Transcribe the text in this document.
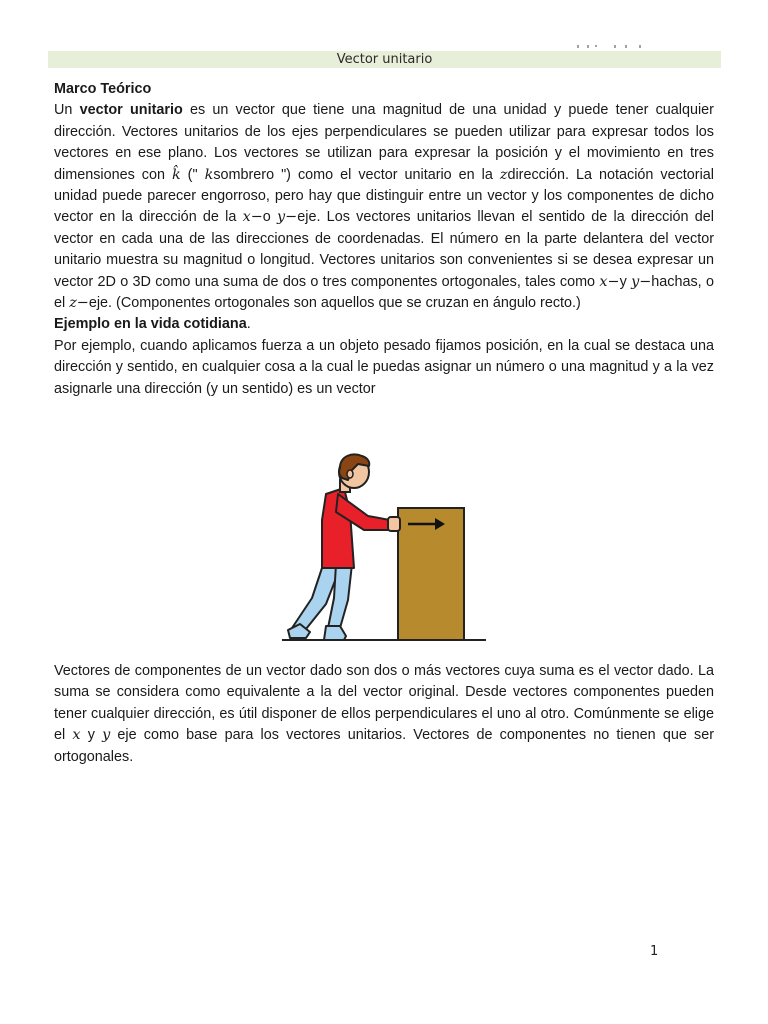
Vector unitario

Marco Teórico

Un vector unitario es un vector que tiene una magnitud de una unidad y puede tener cualquier dirección. Vectores unitarios de los ejes perpendiculares se pueden utilizar para expresar todos los vectores en ese plano. Los vectores se utilizan para expresar la posición y el movimiento en tres dimensiones con k̂ (" ksombrero ") como el vector unitario en la zdirección. La notación vectorial unidad puede parecer engorroso, pero hay que distinguir entre un vector y los componentes de dicho vector en la dirección de la x−o y−eje. Los vectores unitarios llevan el sentido de la dirección del vector en cada una de las direcciones de coordenadas. El número en la parte delantera del vector unitario muestra su magnitud o longitud. Vectores unitarios son convenientes si se desea expresar un vector 2D o 3D como una suma de dos o tres componentes ortogonales, tales como x−y y−hachas, o el z−eje. (Componentes ortogonales son aquellos que se cruzan en ángulo recto.)

Ejemplo en la vida cotidiana.

Por ejemplo, cuando aplicamos fuerza a un objeto pesado fijamos posición, en la cual se destaca una dirección y sentido, en cualquier cosa a la cual le puedas asignar un número o una magnitud y a la vez asignarle una dirección (y un sentido) es un vector

Vectores de componentes de un vector dado son dos o más vectores cuya suma es el vector dado. La suma se considera como equivalente a la del vector original. Desde vectores componentes pueden tener cualquier dirección, es útil disponer de ellos perpendiculares el uno al otro. Comúnmente se elige el x y y eje como base para los vectores unitarios. Vectores de componentes no tienen que ser ortogonales.
1
